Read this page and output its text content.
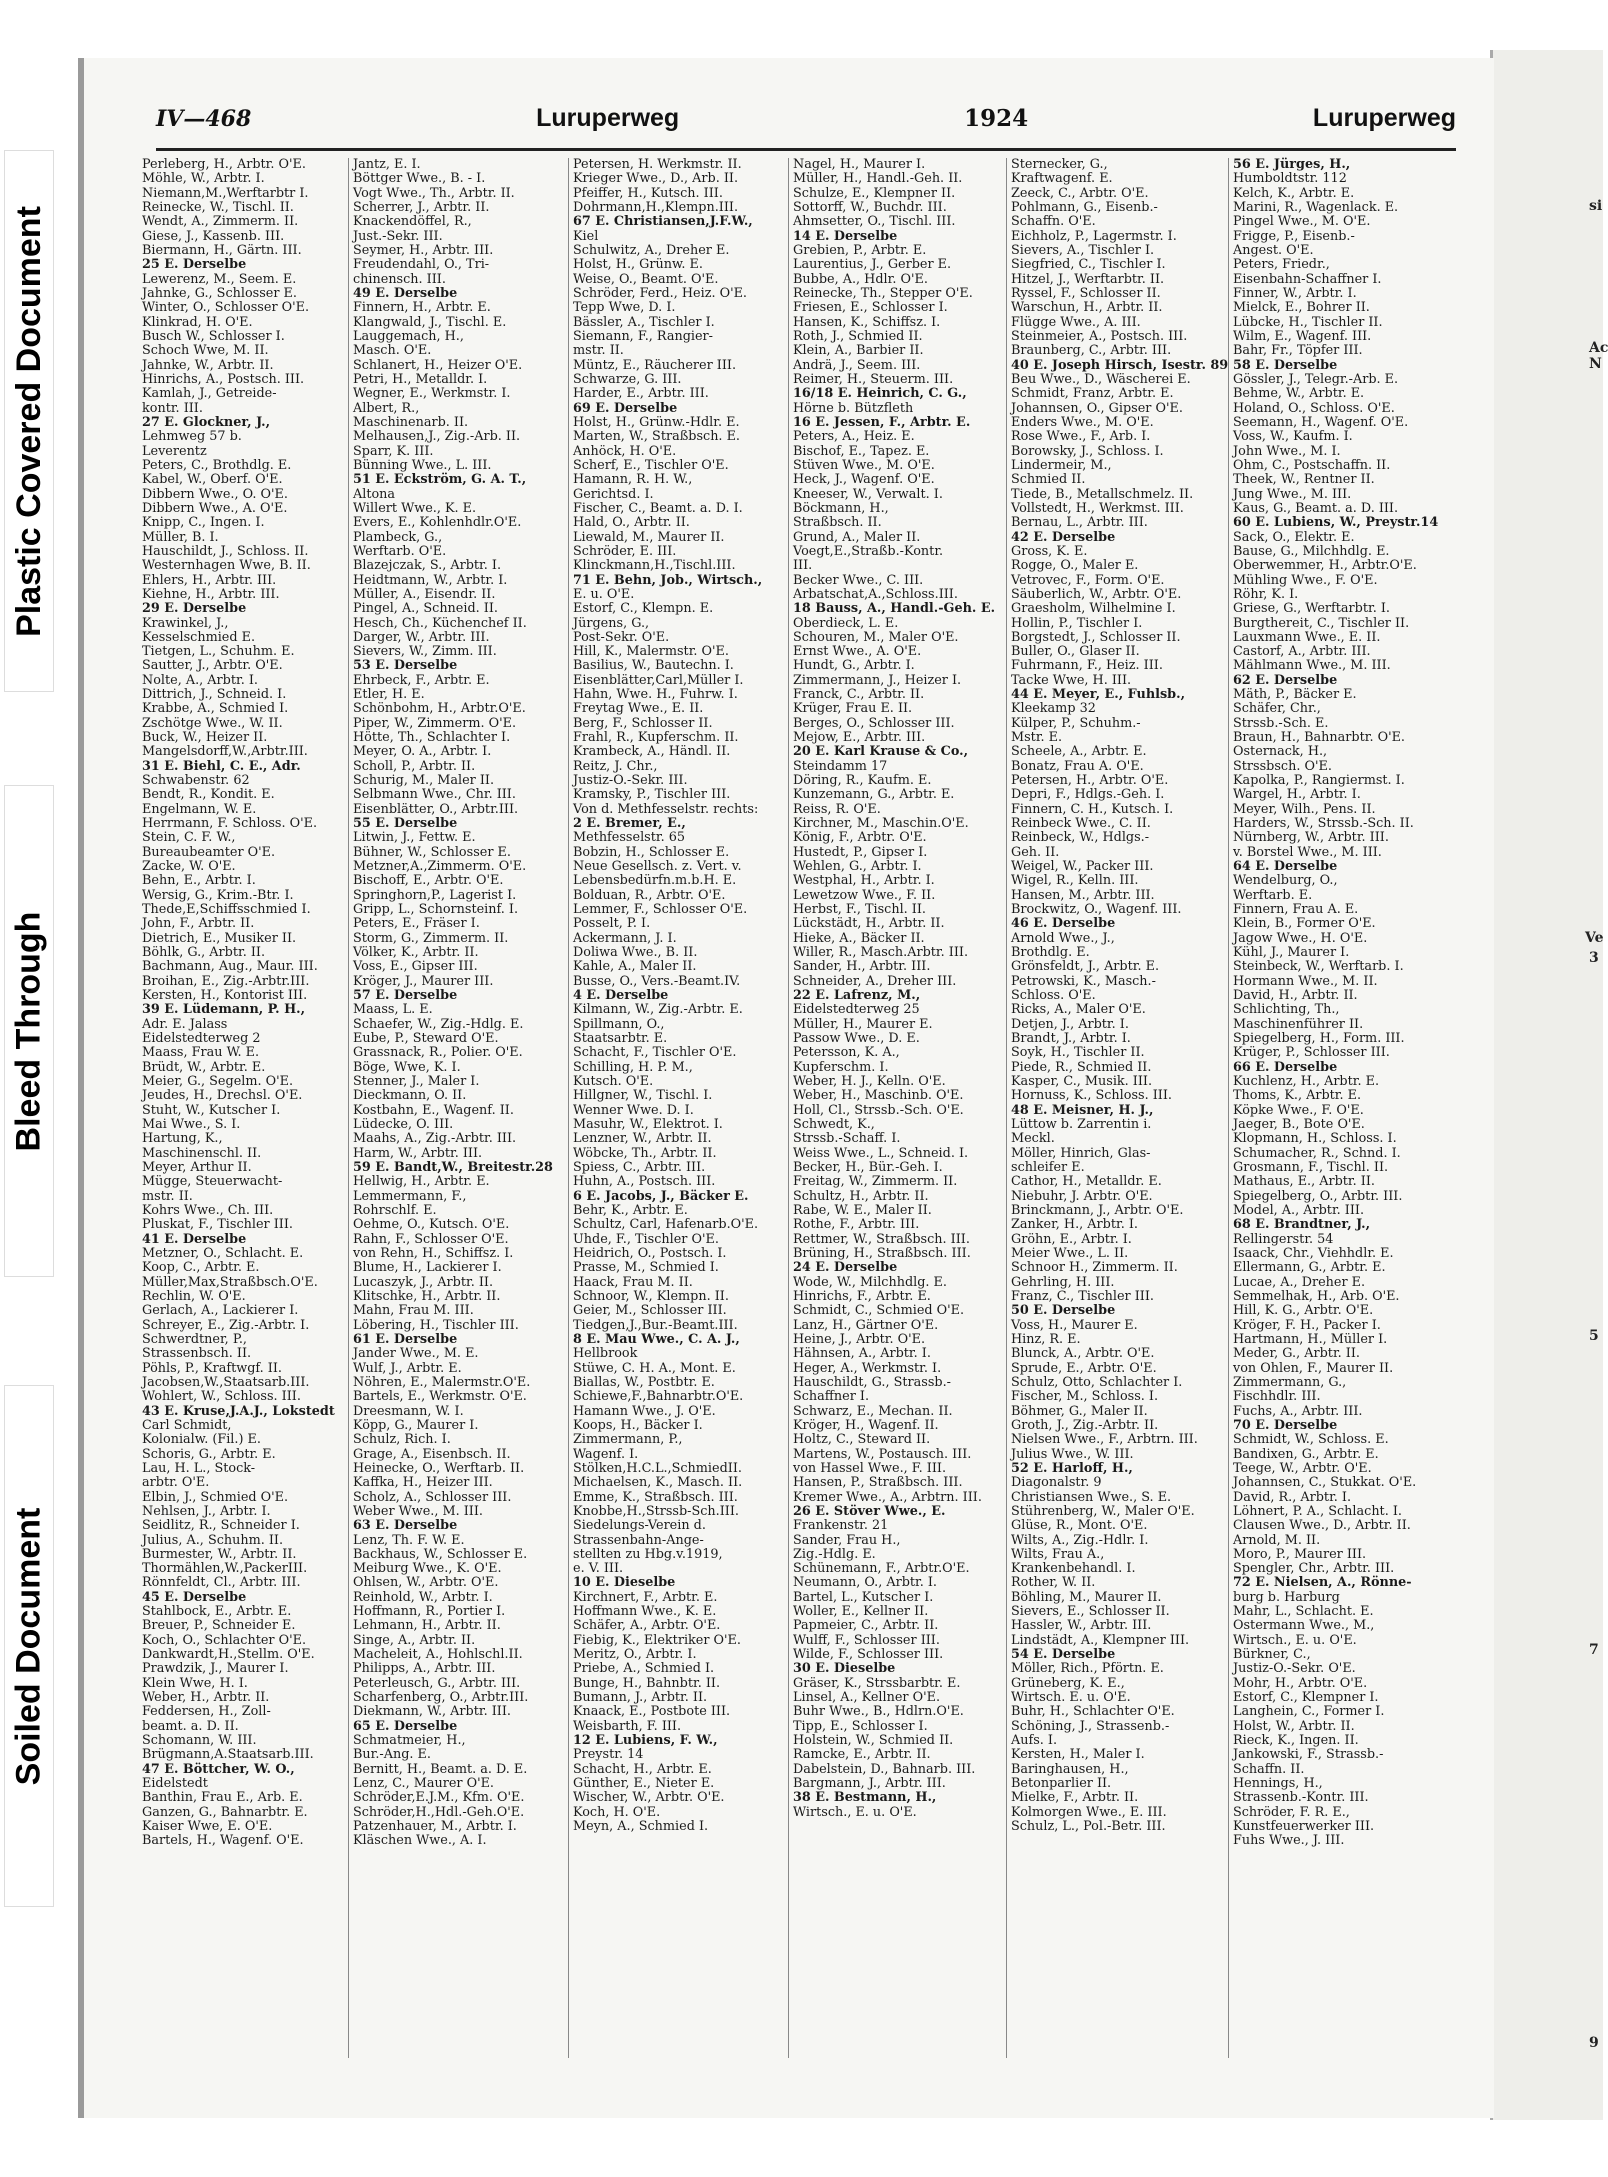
Plastic Covered Document
Bleed Through
Soiled Document
si
Ac
N
Ve
3
5
7
9
IV—468	Luruperweg	1924	Luruperweg
Perleberg, H., Arbtr. O'E.
Möhle, W., Arbtr. I.
Niemann,M.,Werftarbtr I.
Reinecke, W., Tischl. II.
Wendt, A., Zimmerm. II.
Giese, J., Kassenb. III.
Biermann, H., Gärtn. III.
25 E. Derselbe
Lewerenz, M., Seem. E.
Jahnke, G., Schlosser E.
Winter, O., Schlosser O'E.
Klinkrad, H. O'E.
Busch W., Schlosser I.
Schoch Wwe, M. II.
Jahnke, W., Arbtr. II.
Hinrichs, A., Postsch. III.
Kamlah, J., Getreide-
kontr. III.
27 E. Glockner, J.,
Lehmweg 57 b.
Leverentz
Peters, C., Brothdlg. E.
Kabel, W., Oberf. O'E.
Dibbern Wwe., O. O'E.
Dibbern Wwe., A. O'E.
Knipp, C., Ingen. I.
Müller, B. I.
Hauschildt, J., Schloss. II.
Westernhagen Wwe, B. II.
Ehlers, H., Arbtr. III.
Kiehne, H., Arbtr. III.
29 E. Derselbe
Krawinkel, J.,
Kesselschmied E.
Tietgen, L., Schuhm. E.
Sautter, J., Arbtr. O'E.
Nolte, A., Arbtr. I.
Dittrich, J., Schneid. I.
Krabbe, A., Schmied I.
Zschötge Wwe., W. II.
Buck, W., Heizer II.
Mangelsdorff,W.,Arbtr.III.
31 E. Biehl, C. E., Adr.
Schwabenstr. 62
Bendt, R., Kondit. E.
Engelmann, W. E.
Herrmann, F. Schloss. O'E.
Stein, C. F. W.,
Bureaubeamter O'E.
Zacke, W. O'E.
Behn, E., Arbtr. I.
Wersig, G., Krim.-Btr. I.
Thede,E,Schiffsschmied I.
John, F., Arbtr. II.
Dietrich, E., Musiker II.
Böhlk, G., Arbtr. II.
Bachmann, Aug., Maur. III.
Broihan, E., Zig.-Arbtr.III.
Kersten, H., Kontorist III.
39 E. Lüdemann, P. H.,
Adr. E. Jalass
Eidelstedterweg 2
Maass, Frau W. E.
Brüdt, W., Arbtr. E.
Meier, G., Segelm. O'E.
Jeudes, H., Drechsl. O'E.
Stuht, W., Kutscher I.
Mai Wwe., S. I.
Hartung, K.,
Maschinenschl. II.
Meyer, Arthur II.
Mügge, Steuerwacht-
mstr. II.
Kohrs Wwe., Ch. III.
Pluskat, F., Tischler III.
41 E. Derselbe
Metzner, O., Schlacht. E.
Koop, C., Arbtr. E.
Müller,Max,Straßbsch.O'E.
Rechlin, W. O'E.
Gerlach, A., Lackierer I.
Schreyer, E., Zig.-Arbtr. I.
Schwerdtner, P.,
Strassenbsch. II.
Pöhls, P., Kraftwgf. II.
Jacobsen,W.,Staatsarb.III.
Wohlert, W., Schloss. III.
43 E. Kruse,J.A.J., Lokstedt
Carl Schmidt,
Kolonialw. (Fil.) E.
Schoris, G., Arbtr. E.
Lau, H. L., Stock-
arbtr. O'E.
Elbin, J., Schmied O'E.
Nehlsen, J., Arbtr. I.
Seidlitz, R., Schneider I.
Julius, A., Schuhm. II.
Burmester, W., Arbtr. II.
Thormählen,W.,PackerIII.
Rönnfeldt, Cl., Arbtr. III.
45 E. Derselbe
Stahlbock, E., Arbtr. E.
Breuer, P., Schneider E.
Koch, O., Schlachter O'E.
Dankwardt,H.,Stellm. O'E.
Prawdzik, J., Maurer I.
Klein Wwe, H. I.
Weber, H., Arbtr. II.
Feddersen, H., Zoll-
beamt. a. D. II.
Schomann, W. III.
Brügmann,A.Staatsarb.III.
47 E. Böttcher, W. O.,
Eidelstedt
Banthin, Frau E., Arb. E.
Ganzen, G., Bahnarbtr. E.
Kaiser Wwe, E. O'E.
Bartels, H., Wagenf. O'E.
Jantz, E. I.
Böttger Wwe., B. - I.
Vogt Wwe., Th., Arbtr. II.
Scherrer, J., Arbtr. II.
Knackendöffel, R.,
Just.-Sekr. III.
Seymer, H., Arbtr. III.
Freudendahl, O., Tri-
chinensch. III.
49 E. Derselbe
Finnern, H., Arbtr. E.
Klangwald, J., Tischl. E.
Lauggemach, H.,
Masch. O'E.
Schlanert, H., Heizer O'E.
Petri, H., Metalldr. I.
Wegner, E., Werkmstr. I.
Albert, R.,
Maschinenarb. II.
Melhausen,J., Zig.-Arb. II.
Sparr, K. III.
Bünning Wwe., L. III.
51 E. Eckström, G. A. T.,
Altona
Willert Wwe., K. E.
Evers, E., Kohlenhdlr.O'E.
Plambeck, G.,
Werftarb. O'E.
Blazejczak, S., Arbtr. I.
Heidtmann, W., Arbtr. I.
Müller, A., Eisendr. II.
Pingel, A., Schneid. II.
Hesch, Ch., Küchenchef II.
Darger, W., Arbtr. III.
Sievers, W., Zimm. III.
53 E. Derselbe
Ehrbeck, F., Arbtr. E.
Etler, H. E.
Schönbohm, H., Arbtr.O'E.
Piper, W., Zimmerm. O'E.
Hötte, Th., Schlachter I.
Meyer, O. A., Arbtr. I.
Scholl, P., Arbtr. II.
Schurig, M., Maler II.
Selbmann Wwe., Chr. III.
Eisenblätter, O., Arbtr.III.
55 E. Derselbe
Litwin, J., Fettw. E.
Bühner, W., Schlosser E.
Metzner,A.,Zimmerm. O'E.
Bischoff, E., Arbtr. O'E.
Springhorn,P., Lagerist I.
Gripp, L., Schornsteinf. I.
Peters, E., Fräser I.
Storm, G., Zimmerm. II.
Völker, K., Arbtr. II.
Voss, E., Gipser III.
Kröger, J., Maurer III.
57 E. Derselbe
Maass, L. E.
Schaefer, W., Zig.-Hdlg. E.
Eube, P., Steward O'E.
Grassnack, R., Polier. O'E.
Böge, Wwe, K. I.
Stenner, J., Maler I.
Dieckmann, O. II.
Kostbahn, E., Wagenf. II.
Lüdecke, O. III.
Maahs, A., Zig.-Arbtr. III.
Harm, W., Arbtr. III.
59 E. Bandt,W., Breitestr.28
Hellwig, H., Arbtr. E.
Lemmermann, F.,
Rohrschlf. E.
Oehme, O., Kutsch. O'E.
Rahn, F., Schlosser O'E.
von Rehn, H., Schiffsz. I.
Blume, H., Lackierer I.
Lucaszyk, J., Arbtr. II.
Klitschke, H., Arbtr. II.
Mahn, Frau M. III.
Löbering, H., Tischler III.
61 E. Derselbe
Jander Wwe., M. E.
Wulf, J., Arbtr. E.
Nöhren, E., Malermstr.O'E.
Bartels, E., Werkmstr. O'E.
Dreesmann, W. I.
Köpp, G., Maurer I.
Schulz, Rich. I.
Grage, A., Eisenbsch. II.
Heinecke, O., Werftarb. II.
Kaffka, H., Heizer III.
Scholz, A., Schlosser III.
Weber Wwe., M. III.
63 E. Derselbe
Lenz, Th. F. W. E.
Backhaus, W., Schlosser E.
Meiburg Wwe., K. O'E.
Ohlsen, W., Arbtr. O'E.
Reinhold, W., Arbtr. I.
Hoffmann, R., Portier I.
Lehmann, H., Arbtr. II.
Singe, A., Arbtr. II.
Macheleit, A., Hohlschl.II.
Philipps, A., Arbtr. III.
Peterleusch, G., Arbtr. III.
Scharfenberg, O., Arbtr.III.
Diekmann, W., Arbtr. III.
65 E. Derselbe
Schmatmeier, H.,
Bur.-Ang. E.
Bernitt, H., Beamt. a. D. E.
Lenz, C., Maurer O'E.
Schröder,E.J.M., Kfm. O'E.
Schröder,H.,Hdl.-Geh.O'E.
Patzenhauer, M., Arbtr. I.
Kläschen Wwe., A. I.
Petersen, H. Werkmstr. II.
Krieger Wwe., D., Arb. II.
Pfeiffer, H., Kutsch. III.
Dohrmann,H.,Klempn.III.
67 E. Christiansen,J.F.W.,
Kiel
Schulwitz, A., Dreher E.
Holst, H., Grünw. E.
Weise, O., Beamt. O'E.
Schröder, Ferd., Heiz. O'E.
Tepp Wwe, D. I.
Bässler, A., Tischler I.
Siemann, F., Rangier-
mstr. II.
Müntz, E., Räucherer III.
Schwarze, G. III.
Harder, E., Arbtr. III.
69 E. Derselbe
Holst, H., Grünw.-Hdlr. E.
Marten, W., Straßbsch. E.
Anhöck, H. O'E.
Scherf, E., Tischler O'E.
Hamann, R. H. W.,
Gerichtsd. I.
Fischer, C., Beamt. a. D. I.
Hald, O., Arbtr. II.
Liewald, M., Maurer II.
Schröder, E. III.
Klinckmann,H.,Tischl.III.
71 E. Behn, Job., Wirtsch.,
E. u. O'E.
Estorf, C., Klempn. E.
Jürgens, G.,
Post-Sekr. O'E.
Hill, K., Malermstr. O'E.
Basilius, W., Bautechn. I.
Eisenblätter,Carl,Müller I.
Hahn, Wwe. H., Fuhrw. I.
Freytag Wwe., E. II.
Berg, F., Schlosser II.
Frahl, R., Kupferschm. II.
Krambeck, A., Händl. II.
Reitz, J. Chr.,
Justiz-O.-Sekr. III.
Kramsky, P., Tischler III.
Von d. Methfesselstr. rechts:
2 E. Bremer, E.,
Methfesselstr. 65
Bobzin, H., Schlosser E.
Neue Gesellsch. z. Vert. v.
Lebensbedürfn.m.b.H. E.
Bolduan, R., Arbtr. O'E.
Lemmer, F., Schlosser O'E.
Posselt, P. I.
Ackermann, J. I.
Doliwa Wwe., B. II.
Kahle, A., Maler II.
Busse, O., Vers.-Beamt.IV.
4 E. Derselbe
Kilmann, W., Zig.-Arbtr. E.
Spillmann, O.,
Staatsarbtr. E.
Schacht, F., Tischler O'E.
Schilling, H. P. M.,
Kutsch. O'E.
Hillgner, W., Tischl. I.
Wenner Wwe. D. I.
Masuhr, W., Elektrot. I.
Lenzner, W., Arbtr. II.
Wöbcke, Th., Arbtr. II.
Spiess, C., Arbtr. III.
Huhn, A., Postsch. III.
6 E. Jacobs, J., Bäcker E.
Behr, K., Arbtr. E.
Schultz, Carl, Hafenarb.O'E.
Uhde, F., Tischler O'E.
Heidrich, O., Postsch. I.
Prasse, M., Schmied I.
Haack, Frau M. II.
Schnoor, W., Klempn. II.
Geier, M., Schlosser III.
Tiedgen,J.,Bur.-Beamt.III.
8 E. Mau Wwe., C. A. J.,
Hellbrook
Stüwe, C. H. A., Mont. E.
Biallas, W., Postbtr. E.
Schiewe,F.,Bahnarbtr.O'E.
Hamann Wwe., J. O'E.
Koops, H., Bäcker I.
Zimmermann, P.,
Wagenf. I.
Stölken,H.C.L.,SchmiedII.
Michaelsen, K., Masch. II.
Emme, K., Straßbsch. III.
Knobbe,H.,Strssb-Sch.III.
Siedelungs-Verein d.
Strassenbahn-Ange-
stellten zu Hbg.v.1919,
e. V. III.
10 E. Dieselbe
Kirchnert, F., Arbtr. E.
Hoffmann Wwe., K. E.
Schäfer, A., Arbtr. O'E.
Fiebig, K., Elektriker O'E.
Meritz, O., Arbtr. I.
Priebe, A., Schmied I.
Bunge, H., Bahnbtr. II.
Bumann, J., Arbtr. II.
Knaack, E., Postbote III.
Weisbarth, F. III.
12 E. Lubiens, F. W.,
Preystr. 14
Schacht, H., Arbtr. E.
Günther, E., Nieter E.
Wischer, W., Arbtr. O'E.
Koch, H. O'E.
Meyn, A., Schmied I.
Nagel, H., Maurer I.
Müller, H., Handl.-Geh. II.
Schulze, E., Klempner II.
Sottorff, W., Buchdr. III.
Ahmsetter, O., Tischl. III.
14 E. Derselbe
Grebien, P., Arbtr. E.
Laurentius, J., Gerber E.
Bubbe, A., Hdlr. O'E.
Reinecke, Th., Stepper O'E.
Friesen, E., Schlosser I.
Hansen, K., Schiffsz. I.
Roth, J., Schmied II.
Klein, A., Barbier II.
Andrä, J., Seem. III.
Reimer, H., Steuerm. III.
16/18 E. Heinrich, C. G.,
Hörne b. Bützfleth
16 E. Jessen, F., Arbtr. E.
Peters, A., Heiz. E.
Bischof, E., Tapez. E.
Stüven Wwe., M. O'E.
Heck, J., Wagenf. O'E.
Kneeser, W., Verwalt. I.
Böckmann, H.,
Straßbsch. II.
Grund, A., Maler II.
Voegt,E.,Straßb.-Kontr.
III.
Becker Wwe., C. III.
Arbatschat,A.,Schloss.III.
18 Bauss, A., Handl.-Geh. E.
Oberdieck, L. E.
Schouren, M., Maler O'E.
Ernst Wwe., A. O'E.
Hundt, G., Arbtr. I.
Zimmermann, J., Heizer I.
Franck, C., Arbtr. II.
Krüger, Frau E. II.
Berges, O., Schlosser III.
Mejow, E., Arbtr. III.
20 E. Karl Krause & Co.,
Steindamm 17
Döring, R., Kaufm. E.
Kunzemann, G., Arbtr. E.
Reiss, R. O'E.
Kirchner, M., Maschin.O'E.
König, F., Arbtr. O'E.
Hustedt, P., Gipser I.
Wehlen, G., Arbtr. I.
Westphal, H., Arbtr. I.
Lewetzow Wwe., F. II.
Herbst, F., Tischl. II.
Lückstädt, H., Arbtr. II.
Hieke, A., Bäcker II.
Willer, R., Masch.Arbtr. III.
Sander, H., Arbtr. III.
Schneider, A., Dreher III.
22 E. Lafrenz, M.,
Eidelstedterweg 25
Müller, H., Maurer E.
Passow Wwe., D. E.
Petersson, K. A.,
Kupferschm. I.
Weber, H. J., Kelln. O'E.
Weber, H., Maschinb. O'E.
Holl, Cl., Strssb.-Sch. O'E.
Schwedt, K.,
Strssb.-Schaff. I.
Weiss Wwe., L., Schneid. I.
Becker, H., Bür.-Geh. I.
Freitag, W., Zimmerm. II.
Schultz, H., Arbtr. II.
Rabe, W. E., Maler II.
Rothe, F., Arbtr. III.
Rettmer, W., Straßbsch. III.
Brüning, H., Straßbsch. III.
24 E. Derselbe
Wode, W., Milchhdlg. E.
Hinrichs, F., Arbtr. E.
Schmidt, C., Schmied O'E.
Lanz, H., Gärtner O'E.
Heine, J., Arbtr. O'E.
Hähnsen, A., Arbtr. I.
Heger, A., Werkmstr. I.
Hauschildt, G., Strassb.-
Schaffner I.
Schwarz, E., Mechan. II.
Kröger, H., Wagenf. II.
Holtz, C., Steward II.
Martens, W., Postausch. III.
von Hassel Wwe., F. III.
Hansen, P., Straßbsch. III.
Kremer Wwe., A., Arbtrn. III.
26 E. Stöver Wwe., E.
Frankenstr. 21
Sander, Frau H.,
Zig.-Hdlg. E.
Schünemann, F., Arbtr.O'E.
Neumann, O., Arbtr. I.
Bartel, L., Kutscher I.
Woller, E., Kellner II.
Papmeier, C., Arbtr. II.
Wulff, F., Schlosser III.
Wilde, F., Schlosser III.
30 E. Dieselbe
Gräser, K., Strssbarbtr. E.
Linsel, A., Kellner O'E.
Buhr Wwe., B., Hdlrn.O'E.
Tipp, E., Schlosser I.
Holstein, W., Schmied II.
Ramcke, E., Arbtr. II.
Dabelstein, D., Bahnarb. III.
Bargmann, J., Arbtr. III.
38 E. Bestmann, H.,
Wirtsch., E. u. O'E.
Sternecker, G.,
Kraftwagenf. E.
Zeeck, C., Arbtr. O'E.
Pohlmann, G., Eisenb.-
Schaffn. O'E.
Eichholz, P., Lagermstr. I.
Sievers, A., Tischler I.
Siegfried, C., Tischler I.
Hitzel, J., Werftarbtr. II.
Ryssel, F., Schlosser II.
Warschun, H., Arbtr. II.
Flügge Wwe., A. III.
Steinmeier, A., Postsch. III.
Braunberg, C., Arbtr. III.
40 E. Joseph Hirsch, Isestr. 89
Beu Wwe., D., Wäscherei E.
Schmidt, Franz, Arbtr. E.
Johannsen, O., Gipser O'E.
Enders Wwe., M. O'E.
Rose Wwe., F., Arb. I.
Borowsky, J., Schloss. I.
Lindermeir, M.,
Schmied II.
Tiede, B., Metallschmelz. II.
Vollstedt, H., Werkmst. III.
Bernau, L., Arbtr. III.
42 E. Derselbe
Gross, K. E.
Rogge, O., Maler E.
Vetrovec, F., Form. O'E.
Säuberlich, W., Arbtr. O'E.
Graesholm, Wilhelmine I.
Hollin, P., Tischler I.
Borgstedt, J., Schlosser II.
Buller, O., Glaser II.
Fuhrmann, F., Heiz. III.
Tacke Wwe, H. III.
44 E. Meyer, E., Fuhlsb.,
Kleekamp 32
Külper, P., Schuhm.-
Mstr. E.
Scheele, A., Arbtr. E.
Bonatz, Frau A. O'E.
Petersen, H., Arbtr. O'E.
Depri, F., Hdlgs.-Geh. I.
Finnern, C. H., Kutsch. I.
Reinbeck Wwe., C. II.
Reinbeck, W., Hdlgs.-
Geh. II.
Weigel, W., Packer III.
Wigel, R., Kelln. III.
Hansen, M., Arbtr. III.
Brockwitz, O., Wagenf. III.
46 E. Derselbe
Arnold Wwe., J.,
Brothdlg. E.
Grönsfeldt, J., Arbtr. E.
Petrowski, K., Masch.-
Schloss. O'E.
Ricks, A., Maler O'E.
Detjen, J., Arbtr. I.
Brandt, J., Arbtr. I.
Soyk, H., Tischler II.
Piede, R., Schmied II.
Kasper, C., Musik. III.
Hornuss, K., Schloss. III.
48 E. Meisner, H. J.,
Lüttow b. Zarrentin i.
Meckl.
Möller, Hinrich, Glas-
schleifer E.
Cathor, H., Metalldr. E.
Niebuhr, J. Arbtr. O'E.
Brinckmann, J., Arbtr. O'E.
Zanker, H., Arbtr. I.
Gröhn, E., Arbtr. I.
Meier Wwe., L. II.
Schnoor H., Zimmerm. II.
Gehrling, H. III.
Franz, C., Tischler III.
50 E. Derselbe
Voss, H., Maurer E.
Hinz, R. E.
Blunck, A., Arbtr. O'E.
Sprude, E., Arbtr. O'E.
Schulz, Otto, Schlachter I.
Fischer, M., Schloss. I.
Böhmer, G., Maler II.
Groth, J., Zig.-Arbtr. II.
Nielsen Wwe., F., Arbtrn. III.
Julius Wwe., W. III.
52 E. Harloff, H.,
Diagonalstr. 9
Christiansen Wwe., S. E.
Stührenberg, W., Maler O'E.
Glüse, R., Mont. O'E.
Wilts, A., Zig.-Hdlr. I.
Wilts, Frau A.,
Krankenbehandl. I.
Rother, W. II.
Böhling, M., Maurer II.
Sievers, E., Schlosser II.
Hassler, W., Arbtr. III.
Lindstädt, A., Klempner III.
54 E. Derselbe
Möller, Rich., Pförtn. E.
Grüneberg, K. E.,
Wirtsch. E. u. O'E.
Buhr, H., Schlachter O'E.
Schöning, J., Strassenb.-
Aufs. I.
Kersten, H., Maler I.
Baringhausen, H.,
Betonparlier II.
Mielke, F., Arbtr. II.
Kolmorgen Wwe., E. III.
Schulz, L., Pol.-Betr. III.
56 E. Jürges, H.,
Humboldtstr. 112
Kelch, K., Arbtr. E.
Marini, R., Wagenlack. E.
Pingel Wwe., M. O'E.
Frigge, P., Eisenb.-
Angest. O'E.
Peters, Friedr.,
Eisenbahn-Schaffner I.
Finner, W., Arbtr. I.
Mielck, E., Bohrer II.
Lübcke, H., Tischler II.
Wilm, E., Wagenf. III.
Bahr, Fr., Töpfer III.
58 E. Derselbe
Gössler, J., Telegr.-Arb. E.
Behme, W., Arbtr. E.
Holand, O., Schloss. O'E.
Seemann, H., Wagenf. O'E.
Voss, W., Kaufm. I.
John Wwe., M. I.
Ohm, C., Postschaffn. II.
Theek, W., Rentner II.
Jung Wwe., M. III.
Kaus, G., Beamt. a. D. III.
60 E. Lubiens, W., Preystr.14
Sack, O., Elektr. E.
Bause, G., Milchhdlg. E.
Oberwemmer, H., Arbtr.O'E.
Mühling Wwe., F. O'E.
Röhr, K. I.
Griese, G., Werftarbtr. I.
Burgthereit, C., Tischler II.
Lauxmann Wwe., E. II.
Castorf, A., Arbtr. III.
Mählmann Wwe., M. III.
62 E. Derselbe
Mäth, P., Bäcker E.
Schäfer, Chr.,
Strssb.-Sch. E.
Braun, H., Bahnarbtr. O'E.
Osternack, H.,
Strssbsch. O'E.
Kapolka, P., Rangiermst. I.
Wargel, H., Arbtr. I.
Meyer, Wilh., Pens. II.
Harders, W., Strssb.-Sch. II.
Nürnberg, W., Arbtr. III.
v. Borstel Wwe., M. III.
64 E. Derselbe
Wendelburg, O.,
Werftarb. E.
Finnern, Frau A. E.
Klein, B., Former O'E.
Jagow Wwe., H. O'E.
Kühl, J., Maurer I.
Steinbeck, W., Werftarb. I.
Hormann Wwe., M. II.
David, H., Arbtr. II.
Schlichting, Th.,
Maschinenführer II.
Spiegelberg, H., Form. III.
Krüger, P., Schlosser III.
66 E. Derselbe
Kuchlenz, H., Arbtr. E.
Thoms, K., Arbtr. E.
Köpke Wwe., F. O'E.
Jaeger, B., Bote O'E.
Klopmann, H., Schloss. I.
Schumacher, R., Schnd. I.
Grosmann, F., Tischl. II.
Mathaus, E., Arbtr. II.
Spiegelberg, O., Arbtr. III.
Model, A., Arbtr. III.
68 E. Brandtner, J.,
Rellingerstr. 54
Isaack, Chr., Viehhdlr. E.
Ellermann, G., Arbtr. E.
Lucae, A., Dreher E.
Semmelhak, H., Arb. O'E.
Hill, K. G., Arbtr. O'E.
Kröger, F. H., Packer I.
Hartmann, H., Müller I.
Meder, G., Arbtr. II.
von Ohlen, F., Maurer II.
Zimmermann, G.,
Fischhdlr. III.
Fuchs, A., Arbtr. III.
70 E. Derselbe
Schmidt, W., Schloss. E.
Bandixen, G., Arbtr. E.
Teege, W., Arbtr. O'E.
Johannsen, C., Stukkat. O'E.
David, R., Arbtr. I.
Löhnert, P. A., Schlacht. I.
Clausen Wwe., D., Arbtr. II.
Arnold, M. II.
Moro, P., Maurer III.
Spengler, Chr., Arbtr. III.
72 E. Nielsen, A., Rönne-
burg b. Harburg
Mahr, L., Schlacht. E.
Ostermann Wwe., M.,
Wirtsch., E. u. O'E.
Bürkner, C.,
Justiz-O.-Sekr. O'E.
Mohr, H., Arbtr. O'E.
Estorf, C., Klempner I.
Langhein, C., Former I.
Holst, W., Arbtr. II.
Rieck, K., Ingen. II.
Jankowski, F., Strassb.-
Schaffn. II.
Hennings, H.,
Strassenb.-Kontr. III.
Schröder, F. R. E.,
Kunstfeuerwerker III.
Fuhs Wwe., J. III.
